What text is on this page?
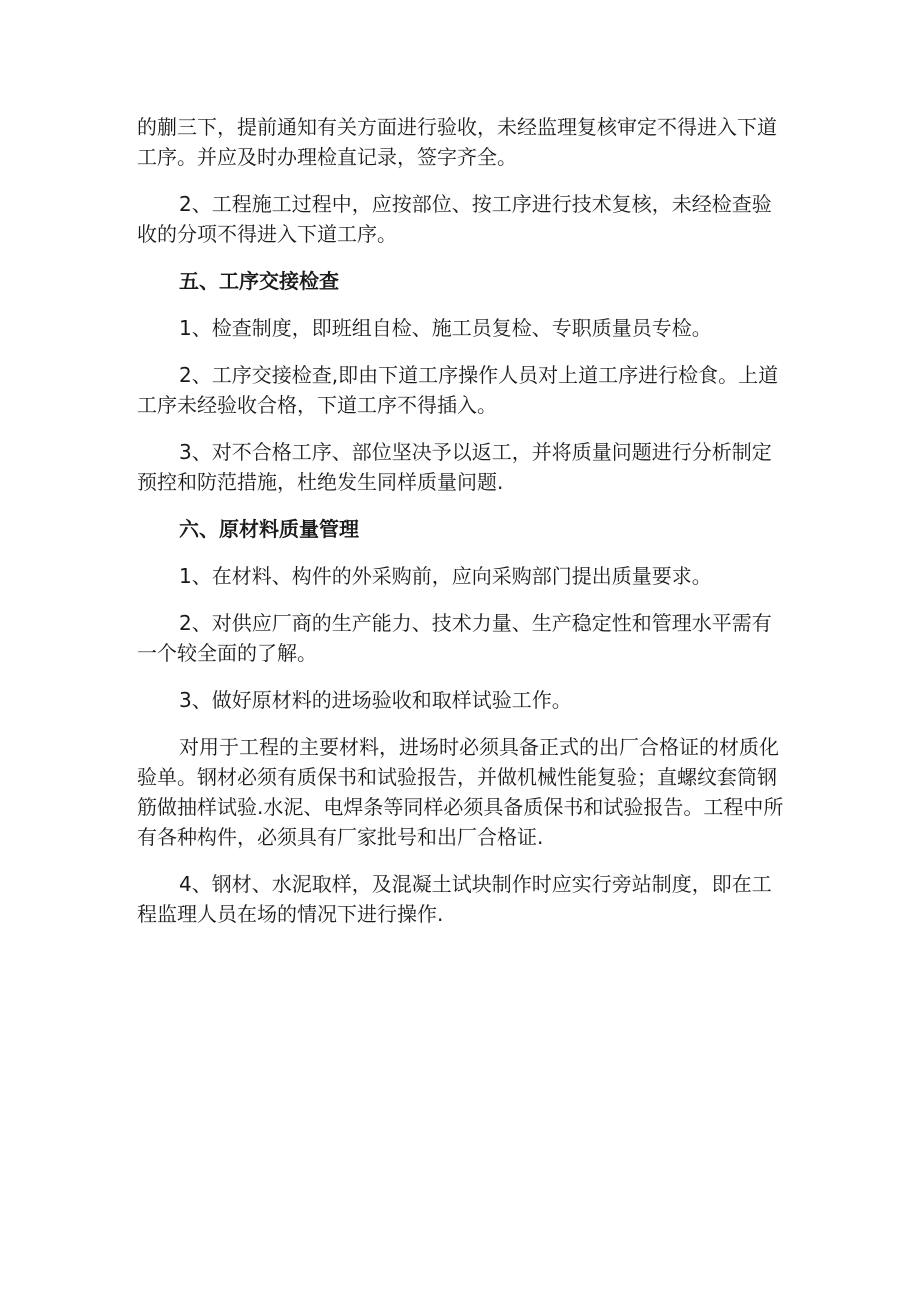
的蒯三下，提前通知有关方面进行验收，未经监理复核审定不得进入下道
工序。并应及时办理检直记录，签字齐全。
2、工程施工过程中，应按部位、按工序进行技术复核，未经检查验
收的分项不得进入下道工序。
五、工序交接检查
1、检查制度，即班组自检、施工员复检、专职质量员专检。
2、工序交接检查,即由下道工序操作人员对上道工序进行检食。上道
工序未经验收合格，下道工序不得插入。
3、对不合格工序、部位坚决予以返工，并将质量问题进行分析制定
预控和防范措施，杜绝发生同样质量问题.
六、原材料质量管理
1、在材料、构件的外采购前，应向采购部门提出质量要求。
2、对供应厂商的生产能力、技术力量、生产稳定性和管理水平需有
一个较全面的了解。
3、做好原材料的进场验收和取样试验工作。
对用于工程的主要材料，进场时必须具备正式的出厂合格证的材质化
验单。钢材必须有质保书和试验报告，并做机械性能复验；直螺纹套筒钢
筋做抽样试验.水泥、电焊条等同样必须具备质保书和试验报告。工程中所
有各种构件，必须具有厂家批号和出厂合格证.
4、钢材、水泥取样，及混凝土试块制作时应实行旁站制度，即在工
程监理人员在场的情况下进行操作.
